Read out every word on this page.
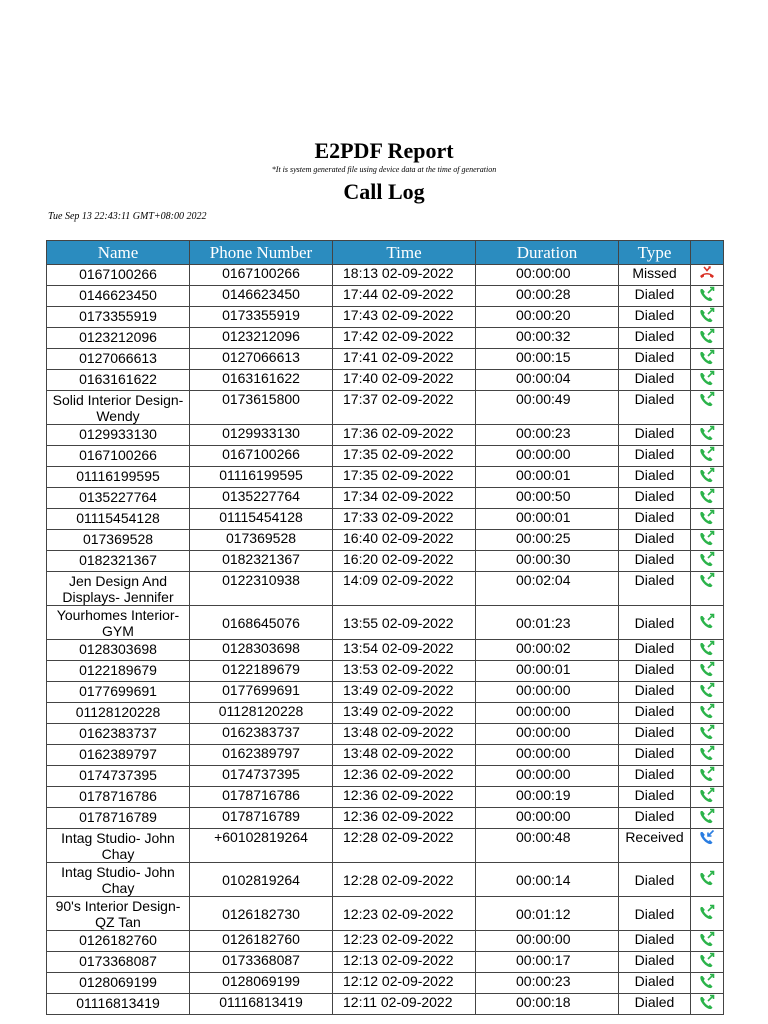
E2PDF Report
*It is system generated file using device data at the time of generation
Call Log
Tue Sep 13 22:43:11 GMT+08:00 2022
Name	Phone Number	Time	Duration	Type	
0167100266	0167100266	18:13 02-09-2022	00:00:00	Missed	

0146623450	0146623450	17:44 02-09-2022	00:00:28	Dialed	

0173355919	0173355919	17:43 02-09-2022	00:00:20	Dialed	

0123212096	0123212096	17:42 02-09-2022	00:00:32	Dialed	

0127066613	0127066613	17:41 02-09-2022	00:00:15	Dialed	

0163161622	0163161622	17:40 02-09-2022	00:00:04	Dialed	

Solid Interior Design- Wendy	0173615800	17:37 02-09-2022	00:00:49	Dialed	

0129933130	0129933130	17:36 02-09-2022	00:00:23	Dialed	

0167100266	0167100266	17:35 02-09-2022	00:00:00	Dialed	

01116199595	01116199595	17:35 02-09-2022	00:00:01	Dialed	

0135227764	0135227764	17:34 02-09-2022	00:00:50	Dialed	

01115454128	01115454128	17:33 02-09-2022	00:00:01	Dialed	

017369528	017369528	16:40 02-09-2022	00:00:25	Dialed	

0182321367	0182321367	16:20 02-09-2022	00:00:30	Dialed	

Jen Design And Displays- Jennifer	0122310938	14:09 02-09-2022	00:02:04	Dialed	

Yourhomes Interior- GYM	0168645076	13:55 02-09-2022	00:01:23	Dialed	

0128303698	0128303698	13:54 02-09-2022	00:00:02	Dialed	

0122189679	0122189679	13:53 02-09-2022	00:00:01	Dialed	

0177699691	0177699691	13:49 02-09-2022	00:00:00	Dialed	

01128120228	01128120228	13:49 02-09-2022	00:00:00	Dialed	

0162383737	0162383737	13:48 02-09-2022	00:00:00	Dialed	

0162389797	0162389797	13:48 02-09-2022	00:00:00	Dialed	

0174737395	0174737395	12:36 02-09-2022	00:00:00	Dialed	

0178716786	0178716786	12:36 02-09-2022	00:00:19	Dialed	

0178716789	0178716789	12:36 02-09-2022	00:00:00	Dialed	

Intag Studio- John Chay	+60102819264	12:28 02-09-2022	00:00:48	Received	

Intag Studio- John Chay	0102819264	12:28 02-09-2022	00:00:14	Dialed	

90's Interior Design- QZ Tan	0126182730	12:23 02-09-2022	00:01:12	Dialed	

0126182760	0126182760	12:23 02-09-2022	00:00:00	Dialed	

0173368087	0173368087	12:13 02-09-2022	00:00:17	Dialed	

0128069199	0128069199	12:12 02-09-2022	00:00:23	Dialed	

01116813419	01116813419	12:11 02-09-2022	00:00:18	Dialed	
